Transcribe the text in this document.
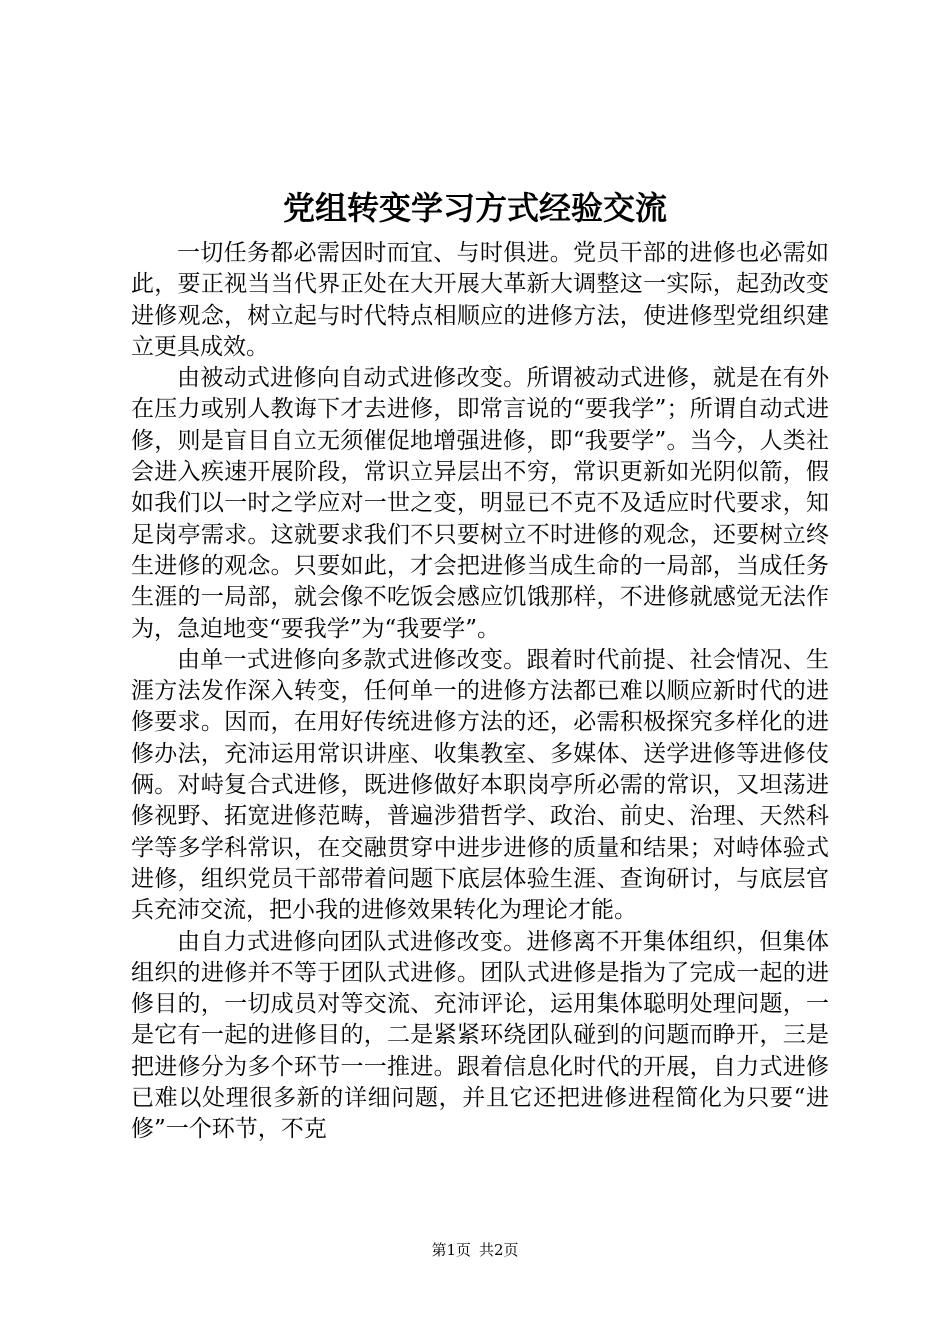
党组转变学习方式经验交流

一切任务都必需因时而宜、与时俱进。党员干部的进修也必需如此，要正视当当代界正处在大开展大革新大调整这一实际，起劲改变进修观念，树立起与时代特点相顺应的进修方法，使进修型党组织建立更具成效。

由被动式进修向自动式进修改变。所谓被动式进修，就是在有外在压力或别人教诲下才去进修，即常言说的“要我学”；所谓自动式进修，则是盲目自立无须催促地增强进修，即“我要学”。当今，人类社会进入疾速开展阶段，常识立异层出不穷，常识更新如光阴似箭，假如我们以一时之学应对一世之变，明显已不克不及适应时代要求，知足岗亭需求。这就要求我们不只要树立不时进修的观念，还要树立终生进修的观念。只要如此，才会把进修当成生命的一局部，当成任务生涯的一局部，就会像不吃饭会感应饥饿那样，不进修就感觉无法作为，急迫地变“要我学”为“我要学”。

由单一式进修向多款式进修改变。跟着时代前提、社会情况、生涯方法发作深入转变，任何单一的进修方法都已难以顺应新时代的进修要求。因而，在用好传统进修方法的还，必需积极探究多样化的进修办法，充沛运用常识讲座、收集教室、多媒体、送学进修等进修伎俩。对峙复合式进修，既进修做好本职岗亭所必需的常识，又坦荡进修视野、拓宽进修范畴，普遍涉猎哲学、政治、前史、治理、天然科学等多学科常识，在交融贯穿中进步进修的质量和结果；对峙体验式进修，组织党员干部带着问题下底层体验生涯、查询研讨，与底层官兵充沛交流，把小我的进修效果转化为理论才能。

由自力式进修向团队式进修改变。进修离不开集体组织，但集体组织的进修并不等于团队式进修。团队式进修是指为了完成一起的进修目的，一切成员对等交流、充沛评论，运用集体聪明处理问题，一是它有一起的进修目的，二是紧紧环绕团队碰到的问题而睁开，三是把进修分为多个环节一一推进。跟着信息化时代的开展，自力式进修已难以处理很多新的详细问题，并且它还把进修进程简化为只要“进修”一个环节，不克

第1页 共2页
